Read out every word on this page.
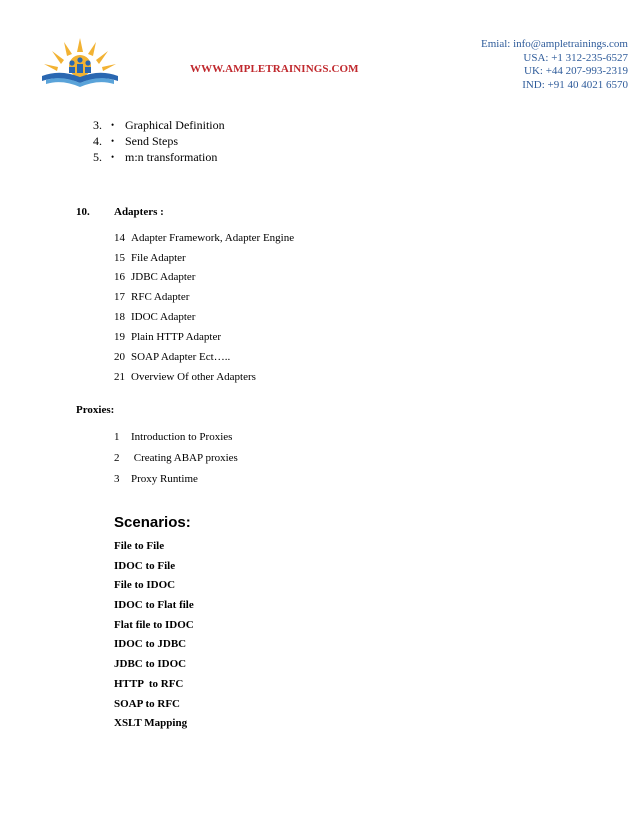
WWW.AMPLETRAININGS.COM
Emial: info@ampletrainings.com
USA: +1 312-235-6527
UK: +44 207-993-2319
IND: +91 40 4021 6570
3. • Graphical Definition
4. • Send Steps
5. • m:n transformation
10. Adapters :
14 Adapter Framework, Adapter Engine
15 File Adapter
16 JDBC Adapter
17 RFC Adapter
18 IDOC Adapter
19 Plain HTTP Adapter
20 SOAP Adapter Ect…..
21 Overview Of other Adapters
Proxies:
1 Introduction to Proxies
2 Creating ABAP proxies
3 Proxy Runtime
Scenarios:
File to File
IDOC to File
File to IDOC
IDOC to Flat file
Flat file to IDOC
IDOC to JDBC
JDBC to IDOC
HTTP  to RFC
SOAP to RFC
XSLT Mapping
